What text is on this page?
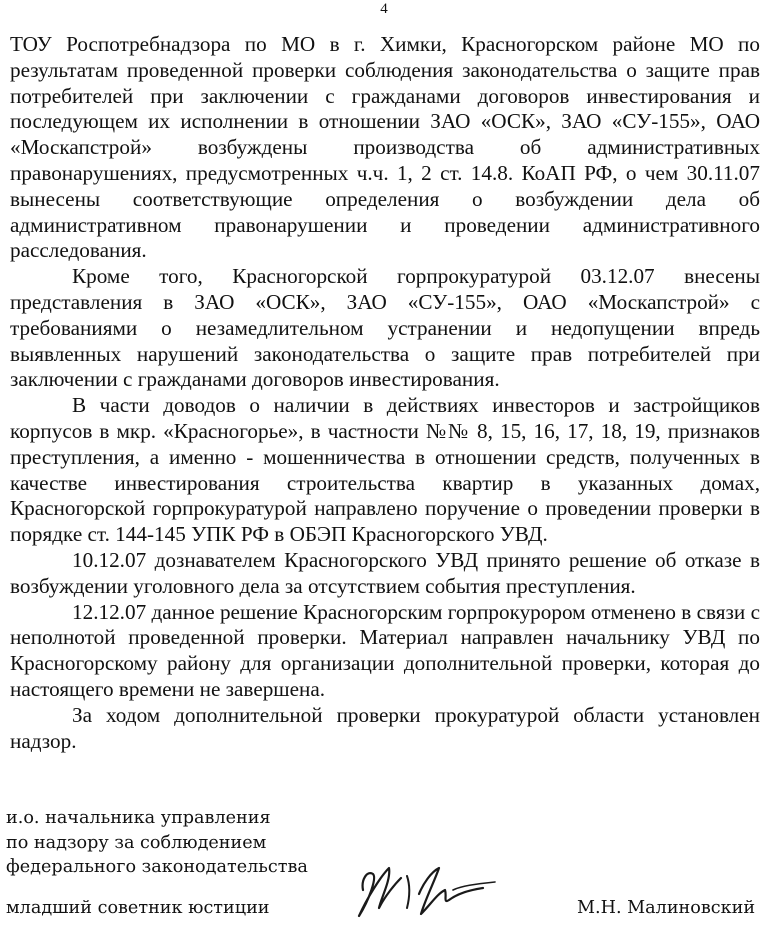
4

ТОУ Роспотребнадзора по МО в г. Химки, Красногорском районе МО по результатам проведенной проверки соблюдения законодательства о защите прав потребителей при заключении с гражданами договоров инвестирования и последующем их исполнении в отношении ЗАО «ОСК», ЗАО «СУ-155», ОАО «Москапстрой» возбуждены производства об административных правонарушениях, предусмотренных ч.ч. 1, 2 ст. 14.8. КоАП РФ, о чем 30.11.07 вынесены соответствующие определения о возбуждении дела об административном правонарушении и проведении административного расследования.

Кроме того, Красногорской горпрокуратурой 03.12.07 внесены представления в ЗАО «ОСК», ЗАО «СУ-155», ОАО «Москапстрой» с требованиями о незамедлительном устранении и недопущении впредь выявленных нарушений законодательства о защите прав потребителей при заключении с гражданами договоров инвестирования.

В части доводов о наличии в действиях инвесторов и застройщиков корпусов в мкр. «Красногорье», в частности №№ 8, 15, 16, 17, 18, 19, признаков преступления, а именно - мошенничества в отношении средств, полученных в качестве инвестирования строительства квартир в указанных домах, Красногорской горпрокуратурой направлено поручение о проведении проверки в порядке ст. 144-145 УПК РФ в ОБЭП Красногорского УВД.

10.12.07 дознавателем Красногорского УВД принято решение об отказе в возбуждении уголовного дела за отсутствием события преступления.

12.12.07 данное решение Красногорским горпрокурором отменено в связи с неполнотой проведенной проверки. Материал направлен начальнику УВД по Красногорскому району для организации дополнительной проверки, которая до настоящего времени не завершена.

За ходом дополнительной проверки прокуратурой области установлен надзор.

и.о. начальника управления
по надзору за соблюдением
федерального законодательства
младший советник юстиции	М.Н. Малиновский
